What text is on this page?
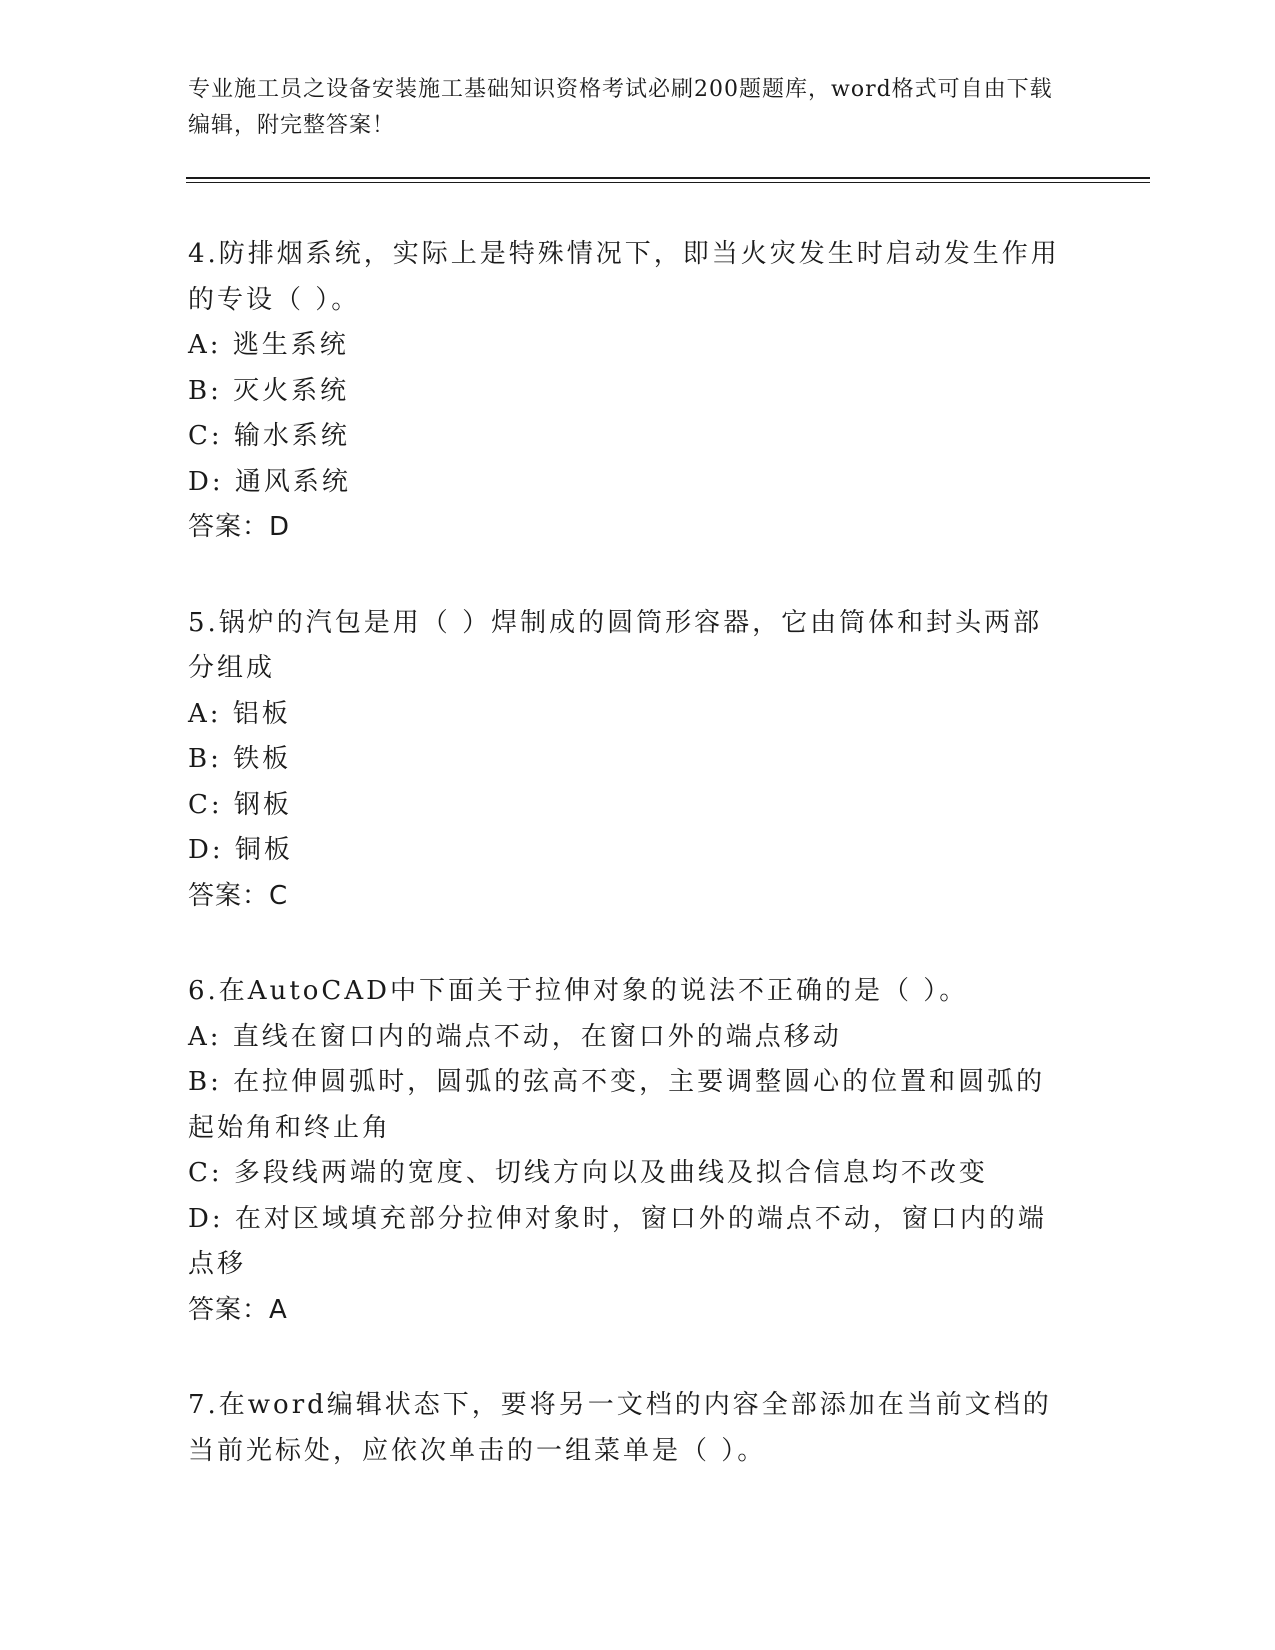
专业施工员之设备安装施工基础知识资格考试必刷200题题库，word格式可自由下载编辑，附完整答案！
4.防排烟系统，实际上是特殊情况下，即当火灾发生时启动发生作用的专设（ ）。
A: 逃生系统
B: 灭火系统
C: 输水系统
D: 通风系统
答案：D
5.锅炉的汽包是用（ ）焊制成的圆筒形容器，它由筒体和封头两部分组成
A: 铝板
B: 铁板
C: 钢板
D: 铜板
答案：C
6.在AutoCAD中下面关于拉伸对象的说法不正确的是（ ）。
A: 直线在窗口内的端点不动，在窗口外的端点移动
B: 在拉伸圆弧时，圆弧的弦高不变，主要调整圆心的位置和圆弧的起始角和终止角
C: 多段线两端的宽度、切线方向以及曲线及拟合信息均不改变
D: 在对区域填充部分拉伸对象时，窗口外的端点不动，窗口内的端点移
答案：A
7.在word编辑状态下，要将另一文档的内容全部添加在当前文档的当前光标处，应依次单击的一组菜单是（ ）。
